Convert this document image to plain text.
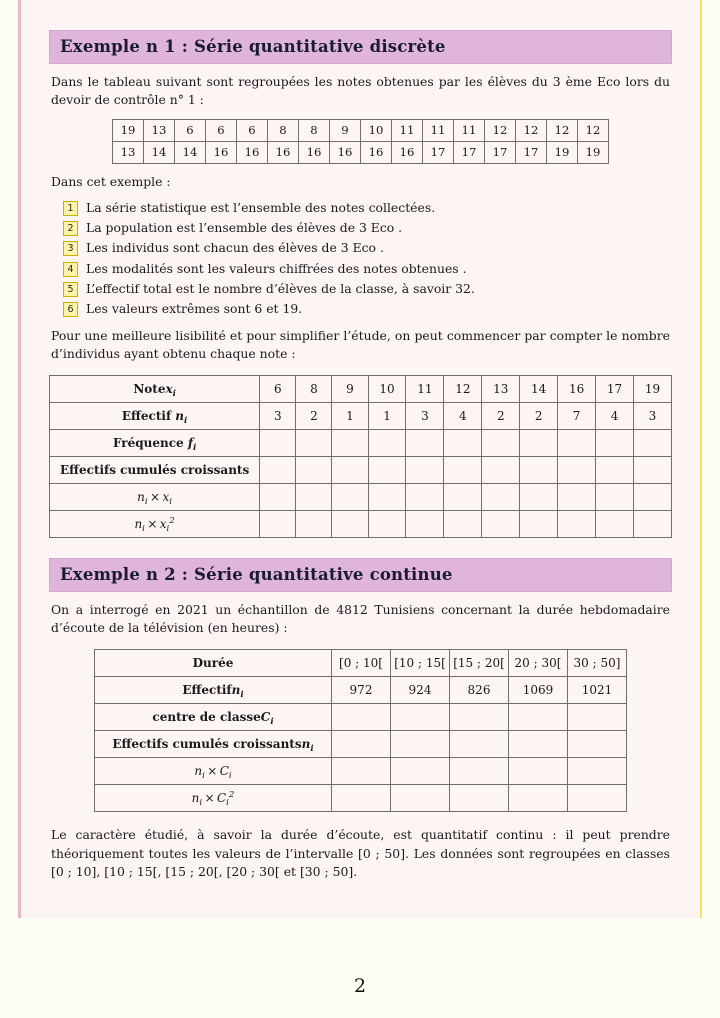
Exemple n 1 : Série quantitative discrète

Dans le tableau suivant sont regroupées les notes obtenues par les élèves du 3 ème Eco lors du devoir de contrôle n° 1 :

19	13	6	6	6	8	8	9	10	11	11	11	12	12	12	12
13	14	14	16	16	16	16	16	16	16	17	17	17	17	19	19

Dans cet exemple :

1	La série statistique est l’ensemble des notes collectées.
2	La population est l’ensemble des élèves de 3 Eco .
3	Les individus sont chacun des élèves de 3 Eco .
4	Les modalités sont les valeurs chiffrées des notes obtenues .
5	L’effectif total est le nombre d’élèves de la classe, à savoir 32.
6	Les valeurs extrêmes sont 6 et 19.

Pour une meilleure lisibilité et pour simplifier l’étude, on peut commencer par compter le nombre d’individus ayant obtenu chaque note :

Notex$_i$	6	8	9	10	11	12	13	14	16	17	19
Effectif $n_i$	3	2	1	1	3	4	2	2	7	4	3
Fréquence $f_i$											
Effectifs cumulés croissants											
$n_i \times x_i$											
$n_i \times x_i^2$											
Exemple n 2 : Série quantitative continue

On a interrogé en 2021 un échantillon de 4812 Tunisiens concernant la durée hebdomadaire d’écoute de la télévision (en heures) :

Durée	[0 ; 10[	[10 ; 15[	[15 ; 20[	20 ; 30[	30 ; 50]
Effectifn$_i$	972	924	826	1069	1021
centre de classeC$_i$					
Effectifs cumulés croissantsn$_i$					
$n_i \times C_i$					
$n_i \times C_i^2$					

Le caractère étudié, à savoir la durée d’écoute, est quantitatif continu : il peut prendre théoriquement toutes les valeurs de l’intervalle [0 ; 50]. Les données sont regroupées en classes [0 ; 10], [10 ; 15[, [15 ; 20[, [20 ; 30[ et [30 ; 50].

2
